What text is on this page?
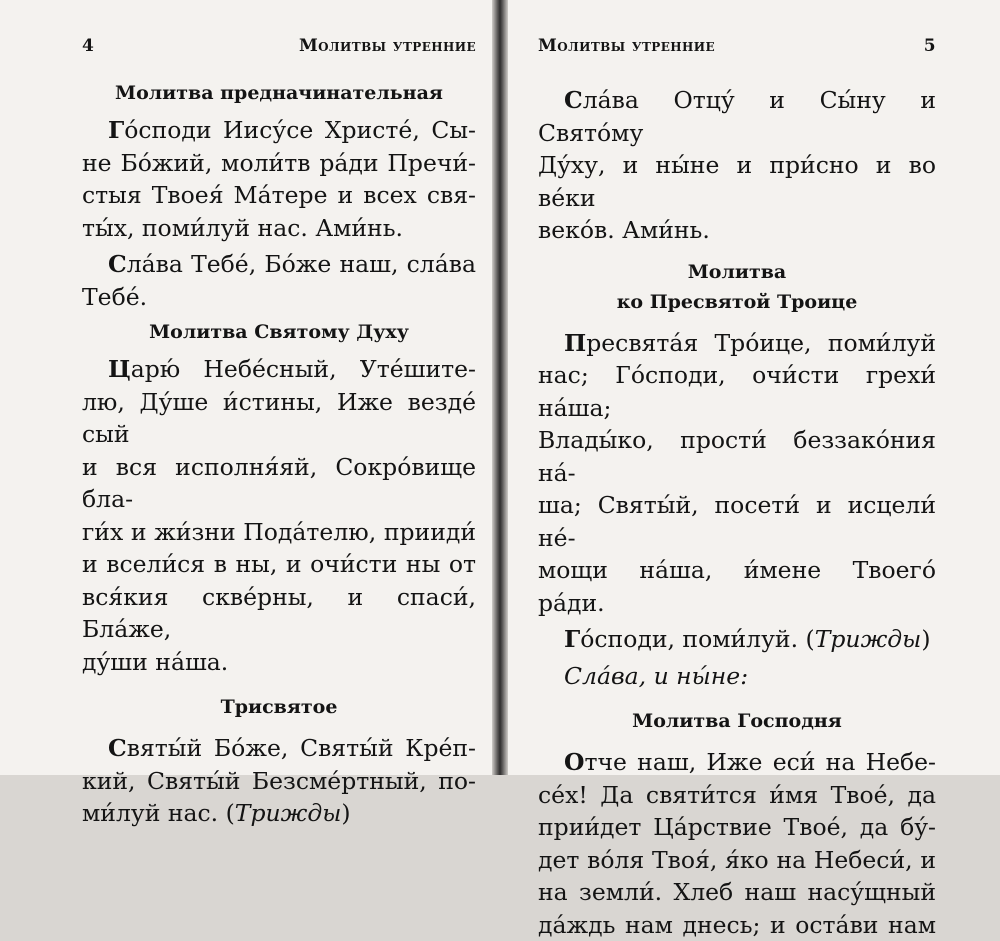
4	Молитвы утренние
Молитва предначинательная

Го́споди Иису́се Христе́, Сы-
не Бо́жий, моли́тв ра́ди Пречи́-
стыя Твоея́ Ма́тере и всех свя-
ты́х, поми́луй нас. Ами́нь.

Сла́ва Тебе́, Бо́же наш, сла́ва
Тебе́.

Молитва Святому Духу

Царю́ Небе́сный, Уте́шите-
лю, Ду́ше и́стины, Иже везде́ сый
и вся исполня́яй, Сокро́вище бла-
ги́х и жи́зни Пода́телю, прииди́
и всели́ся в ны, и очи́сти ны от
вся́кия скве́рны, и спаси́, Бла́же,
ду́ши на́ша.

Трисвятое

Святы́й Бо́же, Святы́й Кре́п-
кий, Святы́й Безсме́ртный, по-
ми́луй нас. (Трижды)

Молитвы утренние	5

Сла́ва Отцу́ и Сы́ну и Свято́му
Ду́ху, и ны́не и при́сно и во ве́ки
веко́в. Ами́нь.

Молитва
ко Пресвятой Троице

Пресвята́я Тро́ице, поми́луй
нас; Го́споди, очи́сти грехи́ на́ша;
Влады́ко, прости́ беззако́ния на́-
ша; Святы́й, посети́ и исцели́ не́-
мощи на́ша, и́мене Твоего́ ра́ди.

Го́споди, поми́луй. (Трижды)

Сла́ва, и ны́не:

Молитва Господня

Отче наш, Иже еси́ на Небе-
се́х! Да святи́тся и́мя Твое́, да
прии́дет Ца́рствие Твое́, да бу́-
дет во́ля Твоя́, я́ко на Небеси́, и
на земли́. Хлеб наш насу́щный
да́ждь нам днесь; и оста́ви нам
